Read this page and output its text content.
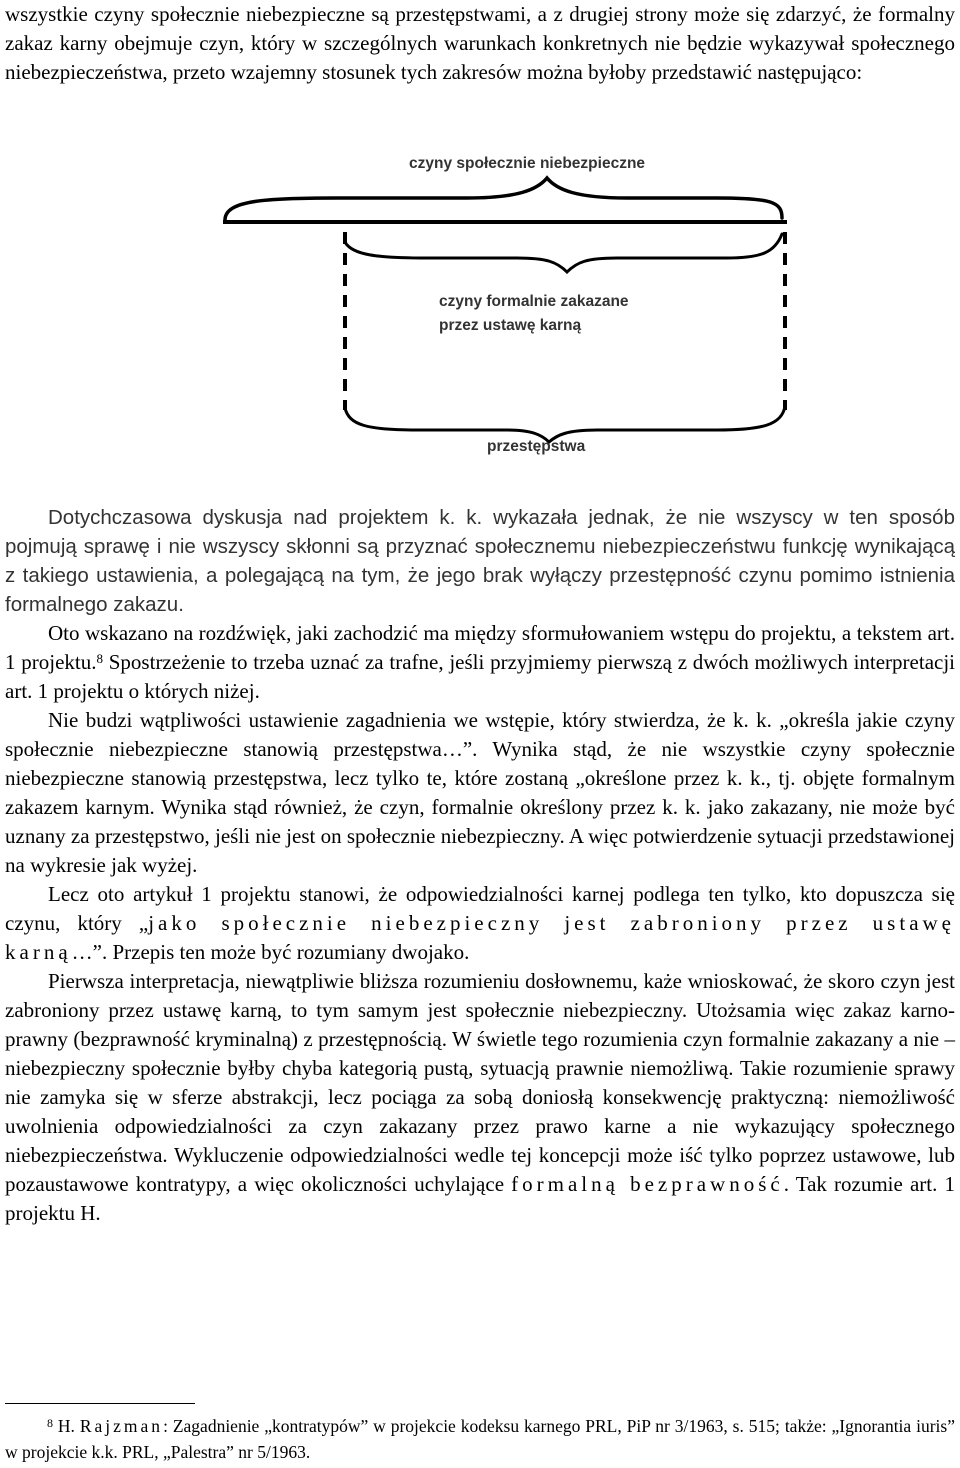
wszystkie czyny społecznie niebezpieczne są przestępstwami, a z drugiej strony może się zdarzyć, że formalny zakaz karny obejmuje czyn, który w szczególnych warunkach konkretnych nie będzie wykazywał społecznego niebezpieczeństwa, przeto wzajemny stosunek tych zakresów można byłoby przedstawić następująco:

czyny społecznie niebezpieczne
czyny formalnie zakazane
przez ustawę karną
przestępstwa

Dotychczasowa dyskusja nad projektem k. k. wykazała jednak, że nie wszyscy w ten sposób pojmują sprawę i nie wszyscy skłonni są przyznać społecznemu niebezpieczeństwu funkcję wynikającą z takiego ustawienia, a polegającą na tym, że jego brak wyłączy przestępność czynu pomimo istnienia formalnego zakazu.

Oto wskazano na rozdźwięk, jaki zachodzić ma między sformułowaniem wstępu do projektu, a tekstem art. 1 projektu.$^8$ Spostrzeżenie to trzeba uznać za trafne, jeśli przyjmiemy pierwszą z dwóch możliwych interpretacji art. 1 projektu o których niżej.

Nie budzi wątpliwości ustawienie zagadnienia we wstępie, który stwierdza, że k. k. „określa jakie czyny społecznie niebezpieczne stanowią przestępstwa…”. Wynika stąd, że nie wszystkie czyny społecznie niebezpieczne stanowią przestępstwa, lecz tylko te, które zostaną „określone przez k. k., tj. objęte formalnym zakazem karnym. Wynika stąd również, że czyn, formalnie określony przez k. k. jako zakazany, nie może być uznany za przestępstwo, jeśli nie jest on społecznie niebezpieczny. A więc potwierdzenie sytuacji przedstawionej na wykresie jak wyżej.

Lecz oto artykuł 1 projektu stanowi, że odpowiedzialności karnej podlega ten tylko, kto dopuszcza się czynu, który „jako społecznie niebezpieczny jest zabroniony przez ustawę karną…”. Przepis ten może być rozumiany dwojako.

Pierwsza interpretacja, niewątpliwie bliższa rozumieniu dosłownemu, każe wnioskować, że skoro czyn jest zabroniony przez ustawę karną, to tym samym jest społecznie niebezpieczny. Utożsamia więc zakaz karno-prawny (bezprawność kryminalną) z przestępnością. W świetle tego rozumienia czyn formalnie zakazany a nie – niebezpieczny społecznie byłby chyba kategorią pustą, sytuacją prawnie niemożliwą. Takie rozumienie sprawy nie zamyka się w sferze abstrakcji, lecz pociąga za sobą doniosłą konsekwencję praktyczną: niemożliwość uwolnienia odpowiedzialności za czyn zakazany przez prawo karne a nie wykazujący społecznego niebezpieczeństwa. Wykluczenie odpowiedzialności wedle tej koncepcji może iść tylko poprzez ustawowe, lub pozaustawowe kontratypy, a więc okoliczności uchylające formalną bezprawność. Tak rozumie art. 1 projektu H.

$^8$ H. Rajzman: Zagadnienie „kontratypów” w projekcie kodeksu karnego PRL, PiP nr 3/1963, s. 515; także: „Ignorantia iuris” w projekcie k.k. PRL, „Palestra” nr 5/1963.
